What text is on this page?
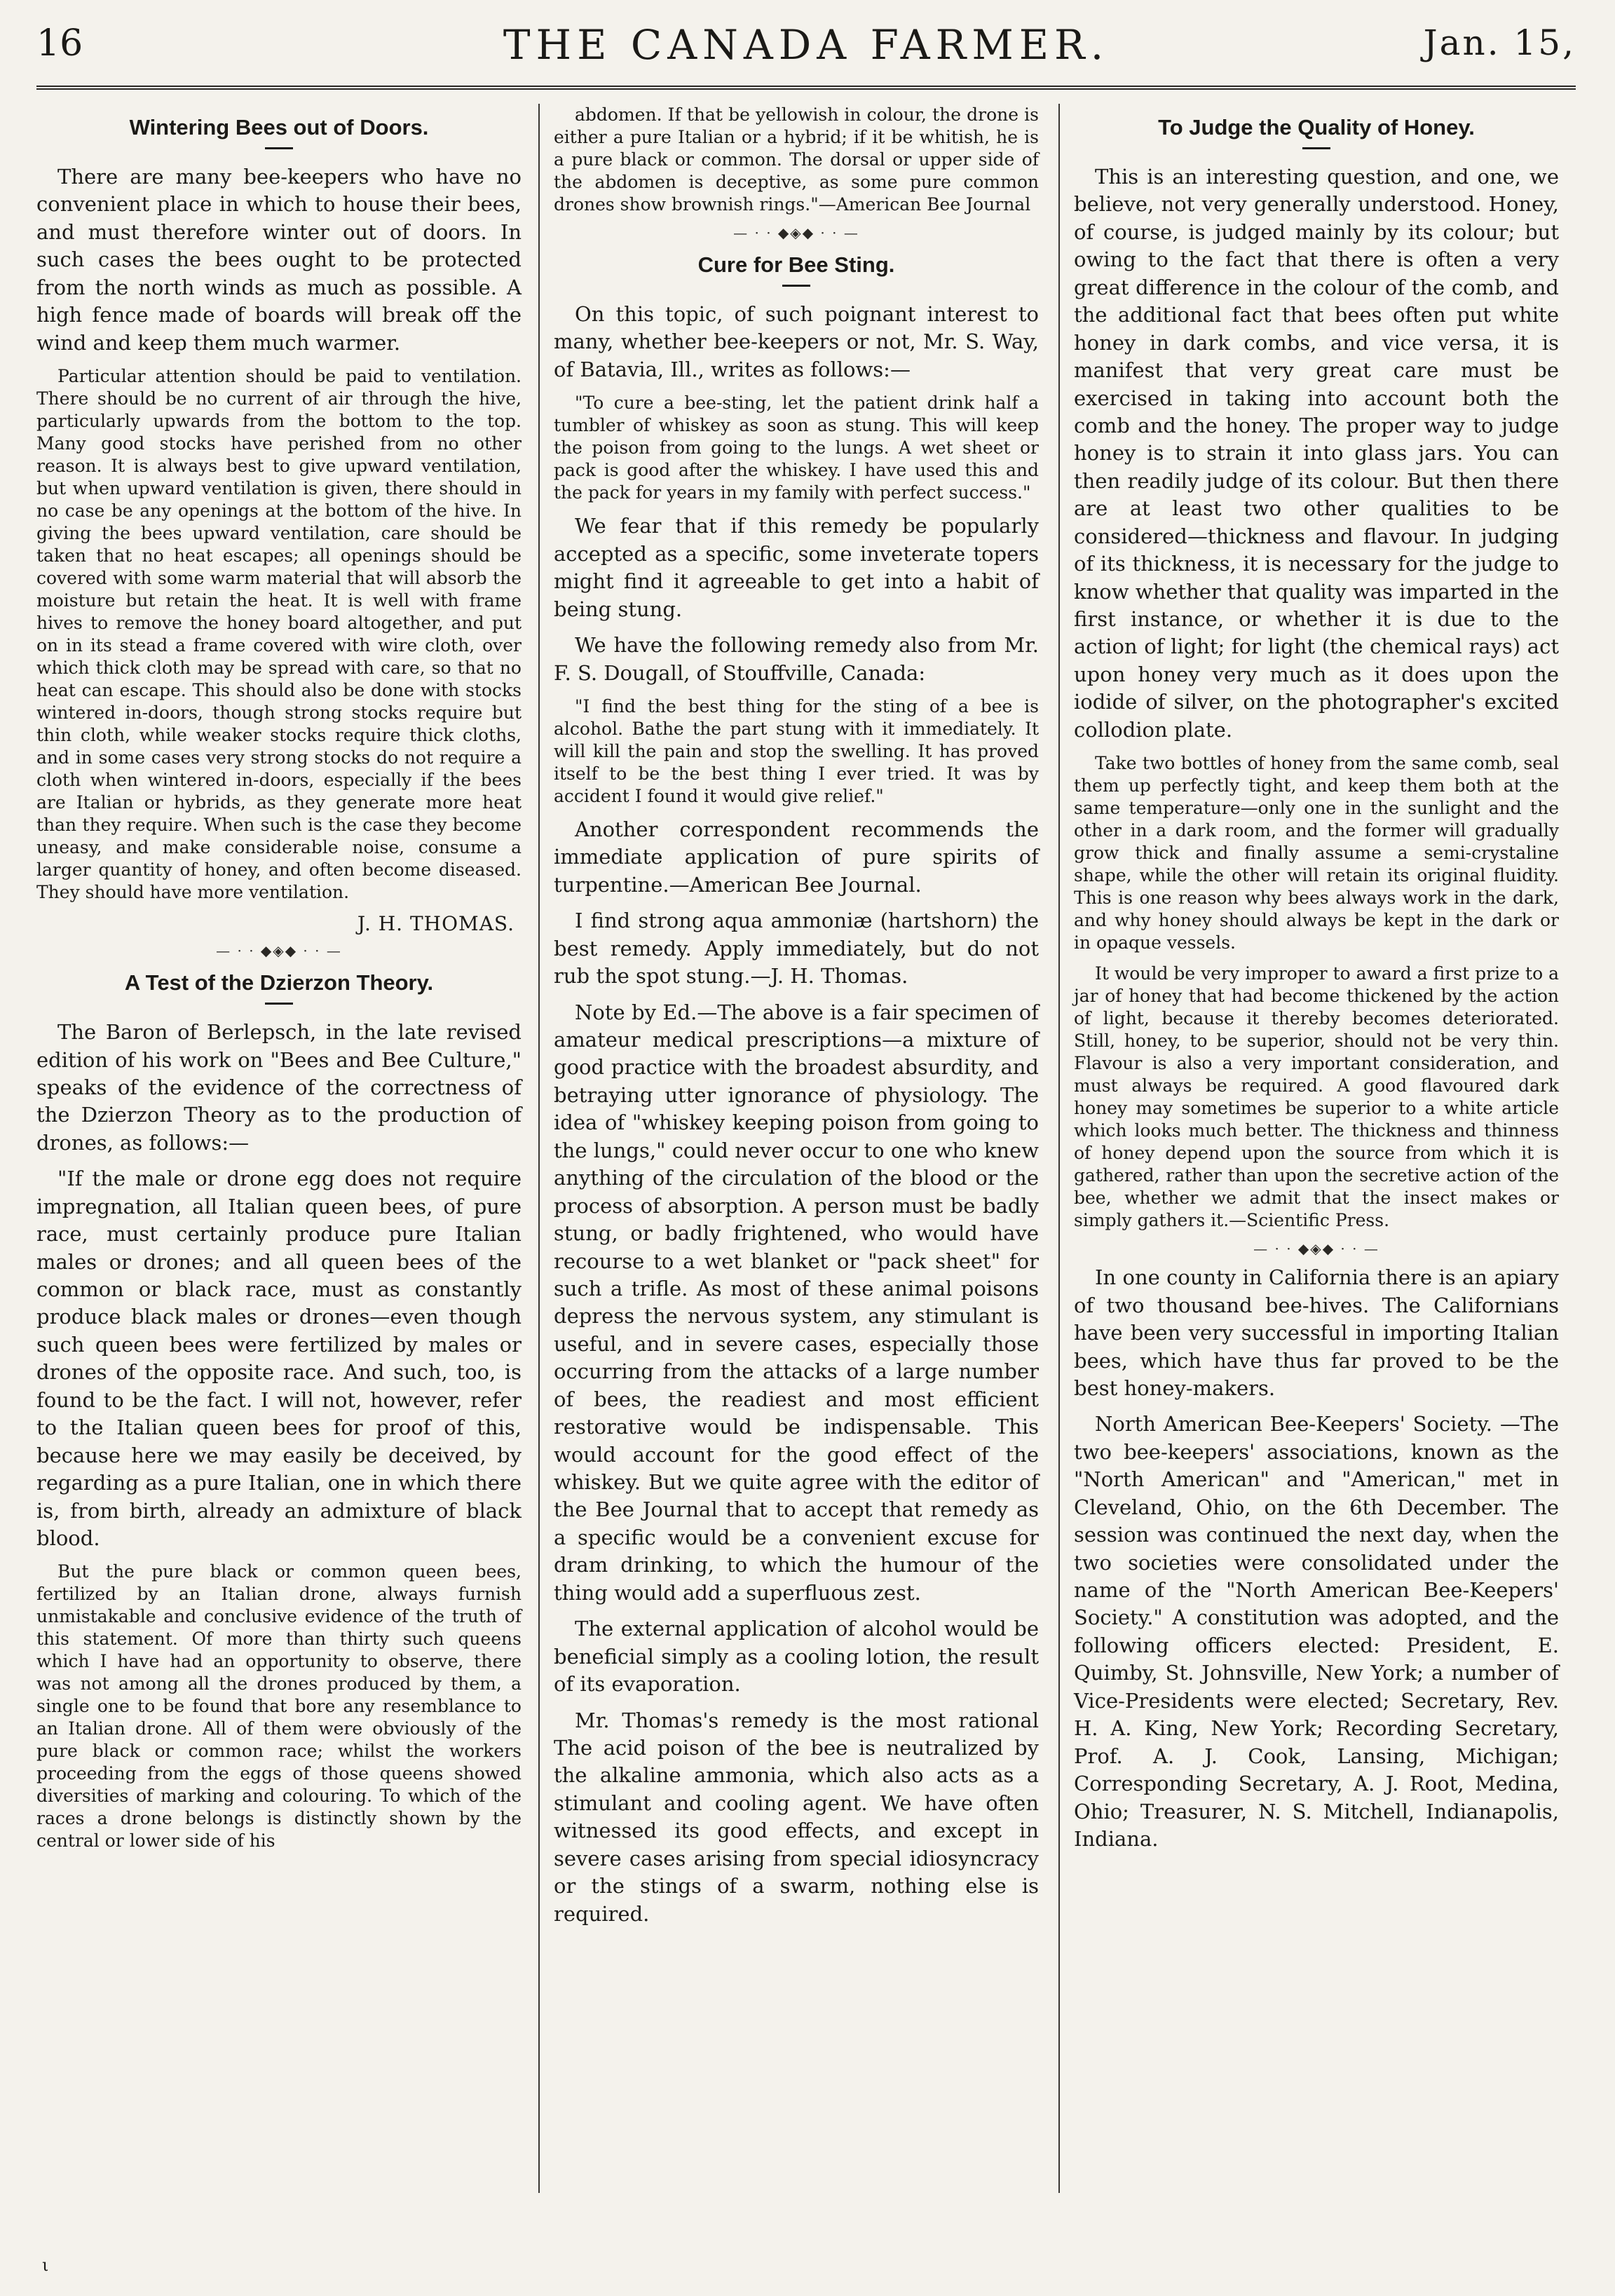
16	THE CANADA FARMER.	Jan. 15,
Wintering Bees out of Doors.

There are many bee-keepers who have no convenient place in which to house their bees, and must therefore winter out of doors. In such cases the bees ought to be protected from the north winds as much as possible. A high fence made of boards will break off the wind and keep them much warmer.

Particular attention should be paid to ventilation. There should be no current of air through the hive, particularly upwards from the bottom to the top. Many good stocks have perished from no other reason. It is always best to give upward ventilation, but when upward ventilation is given, there should in no case be any openings at the bottom of the hive. In giving the bees upward ventilation, care should be taken that no heat escapes; all openings should be covered with some warm material that will absorb the moisture but retain the heat. It is well with frame hives to remove the honey board altogether, and put on in its stead a frame covered with wire cloth, over which thick cloth may be spread with care, so that no heat can escape. This should also be done with stocks wintered in-doors, though strong stocks require but thin cloth, while weaker stocks require thick cloths, and in some cases very strong stocks do not require a cloth when wintered in-doors, especially if the bees are Italian or hybrids, as they generate more heat than they require. When such is the case they become uneasy, and make considerable noise, consume a larger quantity of honey, and often become diseased. They should have more ventilation.

J. H. THOMAS.
— · · ◆◈◆ · · —
A Test of the Dzierzon Theory.

The Baron of Berlepsch, in the late revised edition of his work on "Bees and Bee Culture," speaks of the evidence of the correctness of the Dzierzon Theory as to the production of drones, as follows:—

"If the male or drone egg does not require impregnation, all Italian queen bees, of pure race, must certainly produce pure Italian males or drones; and all queen bees of the common or black race, must as constantly produce black males or drones—even though such queen bees were fertilized by males or drones of the opposite race. And such, too, is found to be the fact. I will not, however, refer to the Italian queen bees for proof of this, because here we may easily be deceived, by regarding as a pure Italian, one in which there is, from birth, already an admixture of black blood.

But the pure black or common queen bees, fertilized by an Italian drone, always furnish unmistakable and conclusive evidence of the truth of this statement. Of more than thirty such queens which I have had an opportunity to observe, there was not among all the drones produced by them, a single one to be found that bore any resemblance to an Italian drone. All of them were obviously of the pure black or common race; whilst the workers proceeding from the eggs of those queens showed diversities of marking and colouring. To which of the races a drone belongs is distinctly shown by the central or lower side of his

abdomen. If that be yellowish in colour, the drone is either a pure Italian or a hybrid; if it be whitish, he is a pure black or common. The dorsal or upper side of the abdomen is deceptive, as some pure common drones show brownish rings."—American Bee Journal

— · · ◆◈◆ · · —
Cure for Bee Sting.

On this topic, of such poignant interest to many, whether bee-keepers or not, Mr. S. Way, of Batavia, Ill., writes as follows:—

"To cure a bee-sting, let the patient drink half a tumbler of whiskey as soon as stung. This will keep the poison from going to the lungs. A wet sheet or pack is good after the whiskey. I have used this and the pack for years in my family with perfect success."

We fear that if this remedy be popularly accepted as a specific, some inveterate topers might find it agreeable to get into a habit of being stung.

We have the following remedy also from Mr. F. S. Dougall, of Stouffville, Canada:

"I find the best thing for the sting of a bee is alcohol. Bathe the part stung with it immediately. It will kill the pain and stop the swelling. It has proved itself to be the best thing I ever tried. It was by accident I found it would give relief."

Another correspondent recommends the immediate application of pure spirits of turpentine.—American Bee Journal.

I find strong aqua ammoniæ (hartshorn) the best remedy. Apply immediately, but do not rub the spot stung.—J. H. Thomas.

Note by Ed.—The above is a fair specimen of amateur medical prescriptions—a mixture of good practice with the broadest absurdity, and betraying utter ignorance of physiology. The idea of "whiskey keeping poison from going to the lungs," could never occur to one who knew anything of the circulation of the blood or the process of absorption. A person must be badly stung, or badly frightened, who would have recourse to a wet blanket or "pack sheet" for such a trifle. As most of these animal poisons depress the nervous system, any stimulant is useful, and in severe cases, especially those occurring from the attacks of a large number of bees, the readiest and most efficient restorative would be indispensable. This would account for the good effect of the whiskey. But we quite agree with the editor of the Bee Journal that to accept that remedy as a specific would be a convenient excuse for dram drinking, to which the humour of the thing would add a superfluous zest.

The external application of alcohol would be beneficial simply as a cooling lotion, the result of its evaporation.

Mr. Thomas's remedy is the most rational The acid poison of the bee is neutralized by the alkaline ammonia, which also acts as a stimulant and cooling agent. We have often witnessed its good effects, and except in severe cases arising from special idiosyncracy or the stings of a swarm, nothing else is required.

To Judge the Quality of Honey.

This is an interesting question, and one, we believe, not very generally understood. Honey, of course, is judged mainly by its colour; but owing to the fact that there is often a very great difference in the colour of the comb, and the additional fact that bees often put white honey in dark combs, and vice versa, it is manifest that very great care must be exercised in taking into account both the comb and the honey. The proper way to judge honey is to strain it into glass jars. You can then readily judge of its colour. But then there are at least two other qualities to be considered—thickness and flavour. In judging of its thickness, it is necessary for the judge to know whether that quality was imparted in the first instance, or whether it is due to the action of light; for light (the chemical rays) act upon honey very much as it does upon the iodide of silver, on the photographer's excited collodion plate.

Take two bottles of honey from the same comb, seal them up perfectly tight, and keep them both at the same temperature—only one in the sunlight and the other in a dark room, and the former will gradually grow thick and finally assume a semi-crystaline shape, while the other will retain its original fluidity. This is one reason why bees always work in the dark, and why honey should always be kept in the dark or in opaque vessels.

It would be very improper to award a first prize to a jar of honey that had become thickened by the action of light, because it thereby becomes deteriorated. Still, honey, to be superior, should not be very thin. Flavour is also a very important consideration, and must always be required. A good flavoured dark honey may sometimes be superior to a white article which looks much better. The thickness and thinness of honey depend upon the source from which it is gathered, rather than upon the secretive action of the bee, whether we admit that the insect makes or simply gathers it.—Scientific Press.

— · · ◆◈◆ · · —

In one county in California there is an apiary of two thousand bee-hives. The Californians have been very successful in importing Italian bees, which have thus far proved to be the best honey-makers.

North American Bee-Keepers' Society. —The two bee-keepers' associations, known as the "North American" and "American," met in Cleveland, Ohio, on the 6th December. The session was continued the next day, when the two societies were consolidated under the name of the "North American Bee-Keepers' Society." A constitution was adopted, and the following officers elected: President, E. Quimby, St. Johnsville, New York; a number of Vice-Presidents were elected; Secretary, Rev. H. A. King, New York; Recording Secretary, Prof. A. J. Cook, Lansing, Michigan; Corresponding Secretary, A. J. Root, Medina, Ohio; Treasurer, N. S. Mitchell, Indianapolis, Indiana.

ι
